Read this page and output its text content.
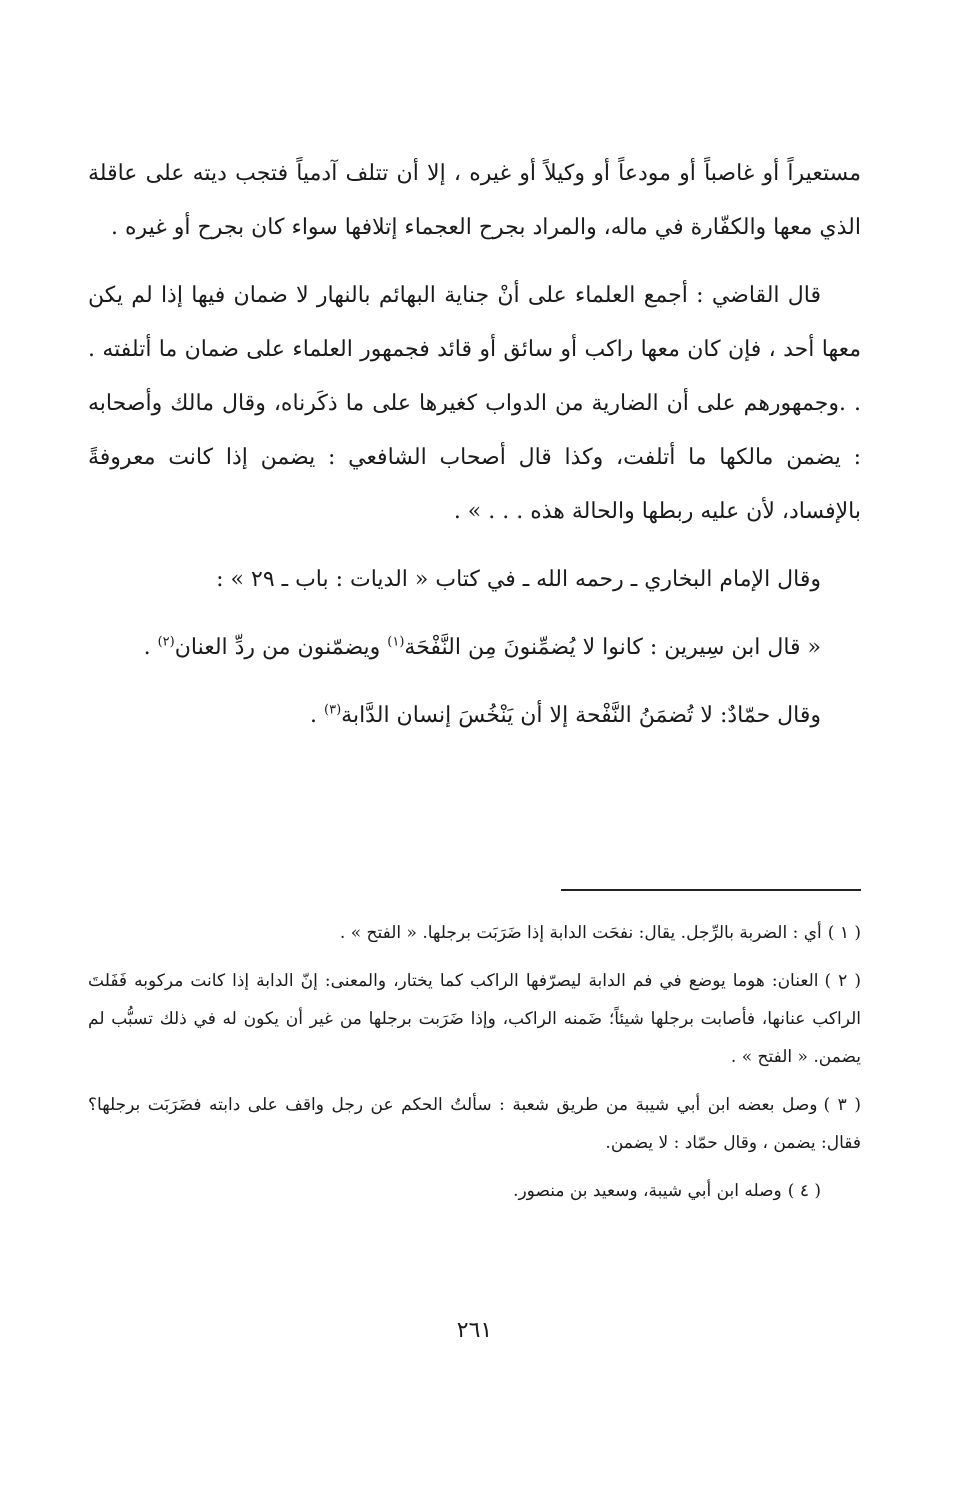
مستعيراً أو غاصباً أو مودعاً أو وكيلاً أو غيره ، إلا أن تتلف آدمياً فتجب ديته على عاقلة الذي معها والكفّارة في ماله، والمراد بجرح العجماء إتلافها سواء كان بجرح أو غيره .

قال القاضي : أجمع العلماء على أنْ جناية البهائم بالنهار لا ضمان فيها إذا لم يكن معها أحد ، فإن كان معها راكب أو سائق أو قائد فجمهور العلماء على ضمان ما أتلفته . . .وجمهورهم على أن الضارية من الدواب كغيرها على ما ذكَرناه، وقال مالك وأصحابه : يضمن مالكها ما أتلفت، وكذا قال أصحاب الشافعي : يضمن إذا كانت معروفةً بالإفساد، لأن عليه ربطها والحالة هذه . . . » .

وقال الإمام البخاري ـ رحمه الله ـ في كتاب « الديات : باب ـ ٢٩ » :

« قال ابن سِيرين : كانوا لا يُضمِّنونَ مِن النَّفْحَة$^{(١)}$ ويضمّنون من ردِّ العنان$^{(٢)}$ .

وقال حمّادٌ: لا تُضمَنُ النَّفْحة إلا أن يَنْخُسَ إنسان الدَّابة$^{(٣)}$ .

( ١ )أي : الضربة بالرِّجل. يقال: نفحَت الدابة إذا ضَرَبَت برجلها. « الفتح » .

( ٢ )العنان: هوما يوضع في فم الدابة ليصرّفها الراكب كما يختار، والمعنى: إنّ الدابة إذا كانت مركوبه فَفَلتَ الراكب عنانها، فأصابت برجلها شيئاً؛ ضَمنه الراكب، وإذا ضَرَبت برجلها من غير أن يكون له في ذلك تسبُّب لم يضمن. « الفتح » .

( ٣ )وصل بعضه ابن أبي شيبة من طريق شعبة : سألتُ الحكم عن رجل واقف على دابته فضَرَبَت برجلها؟ فقال: يضمن ، وقال حمّاد : لا يضمن.

( ٤ )وصله ابن أبي شيبة، وسعيد بن منصور.

٢٦١
